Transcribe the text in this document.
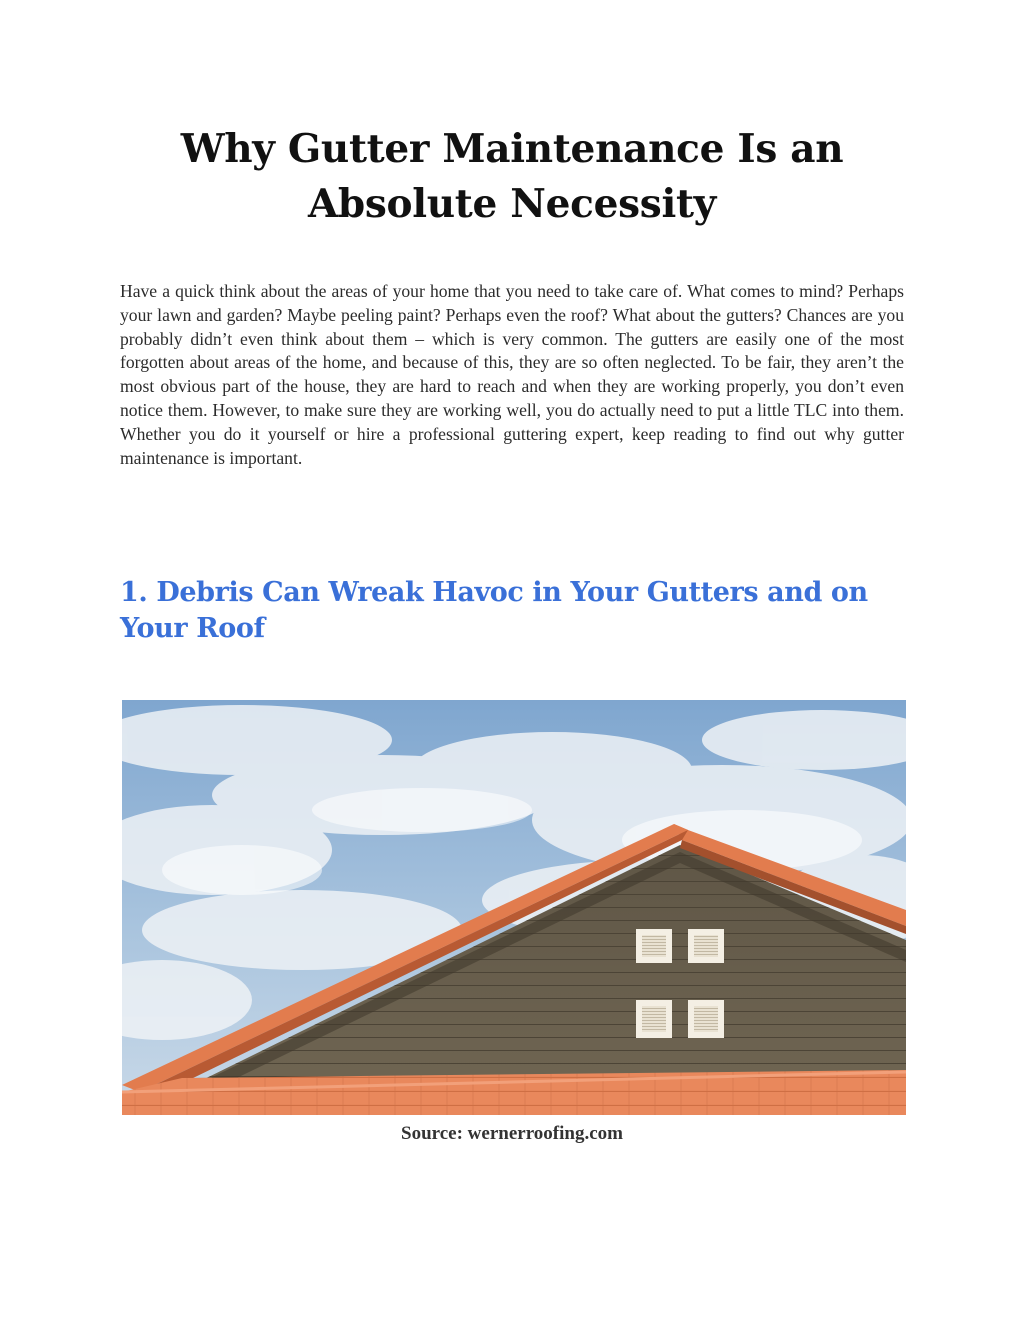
Why Gutter Maintenance Is an Absolute Necessity

Have a quick think about the areas of your home that you need to take care of. What comes to mind? Perhaps your lawn and garden? Maybe peeling paint? Perhaps even the roof? What about the gutters? Chances are you probably didn’t even think about them – which is very common. The gutters are easily one of the most forgotten about areas of the home, and because of this, they are so often neglected. To be fair, they aren’t the most obvious part of the house, they are hard to reach and when they are working properly, you don’t even notice them. However, to make sure they are working well, you do actually need to put a little TLC into them. Whether you do it yourself or hire a professional guttering expert, keep reading to find out why gutter maintenance is important.

1. Debris Can Wreak Havoc in Your Gutters and on Your Roof

Source: wernerroofing.com
